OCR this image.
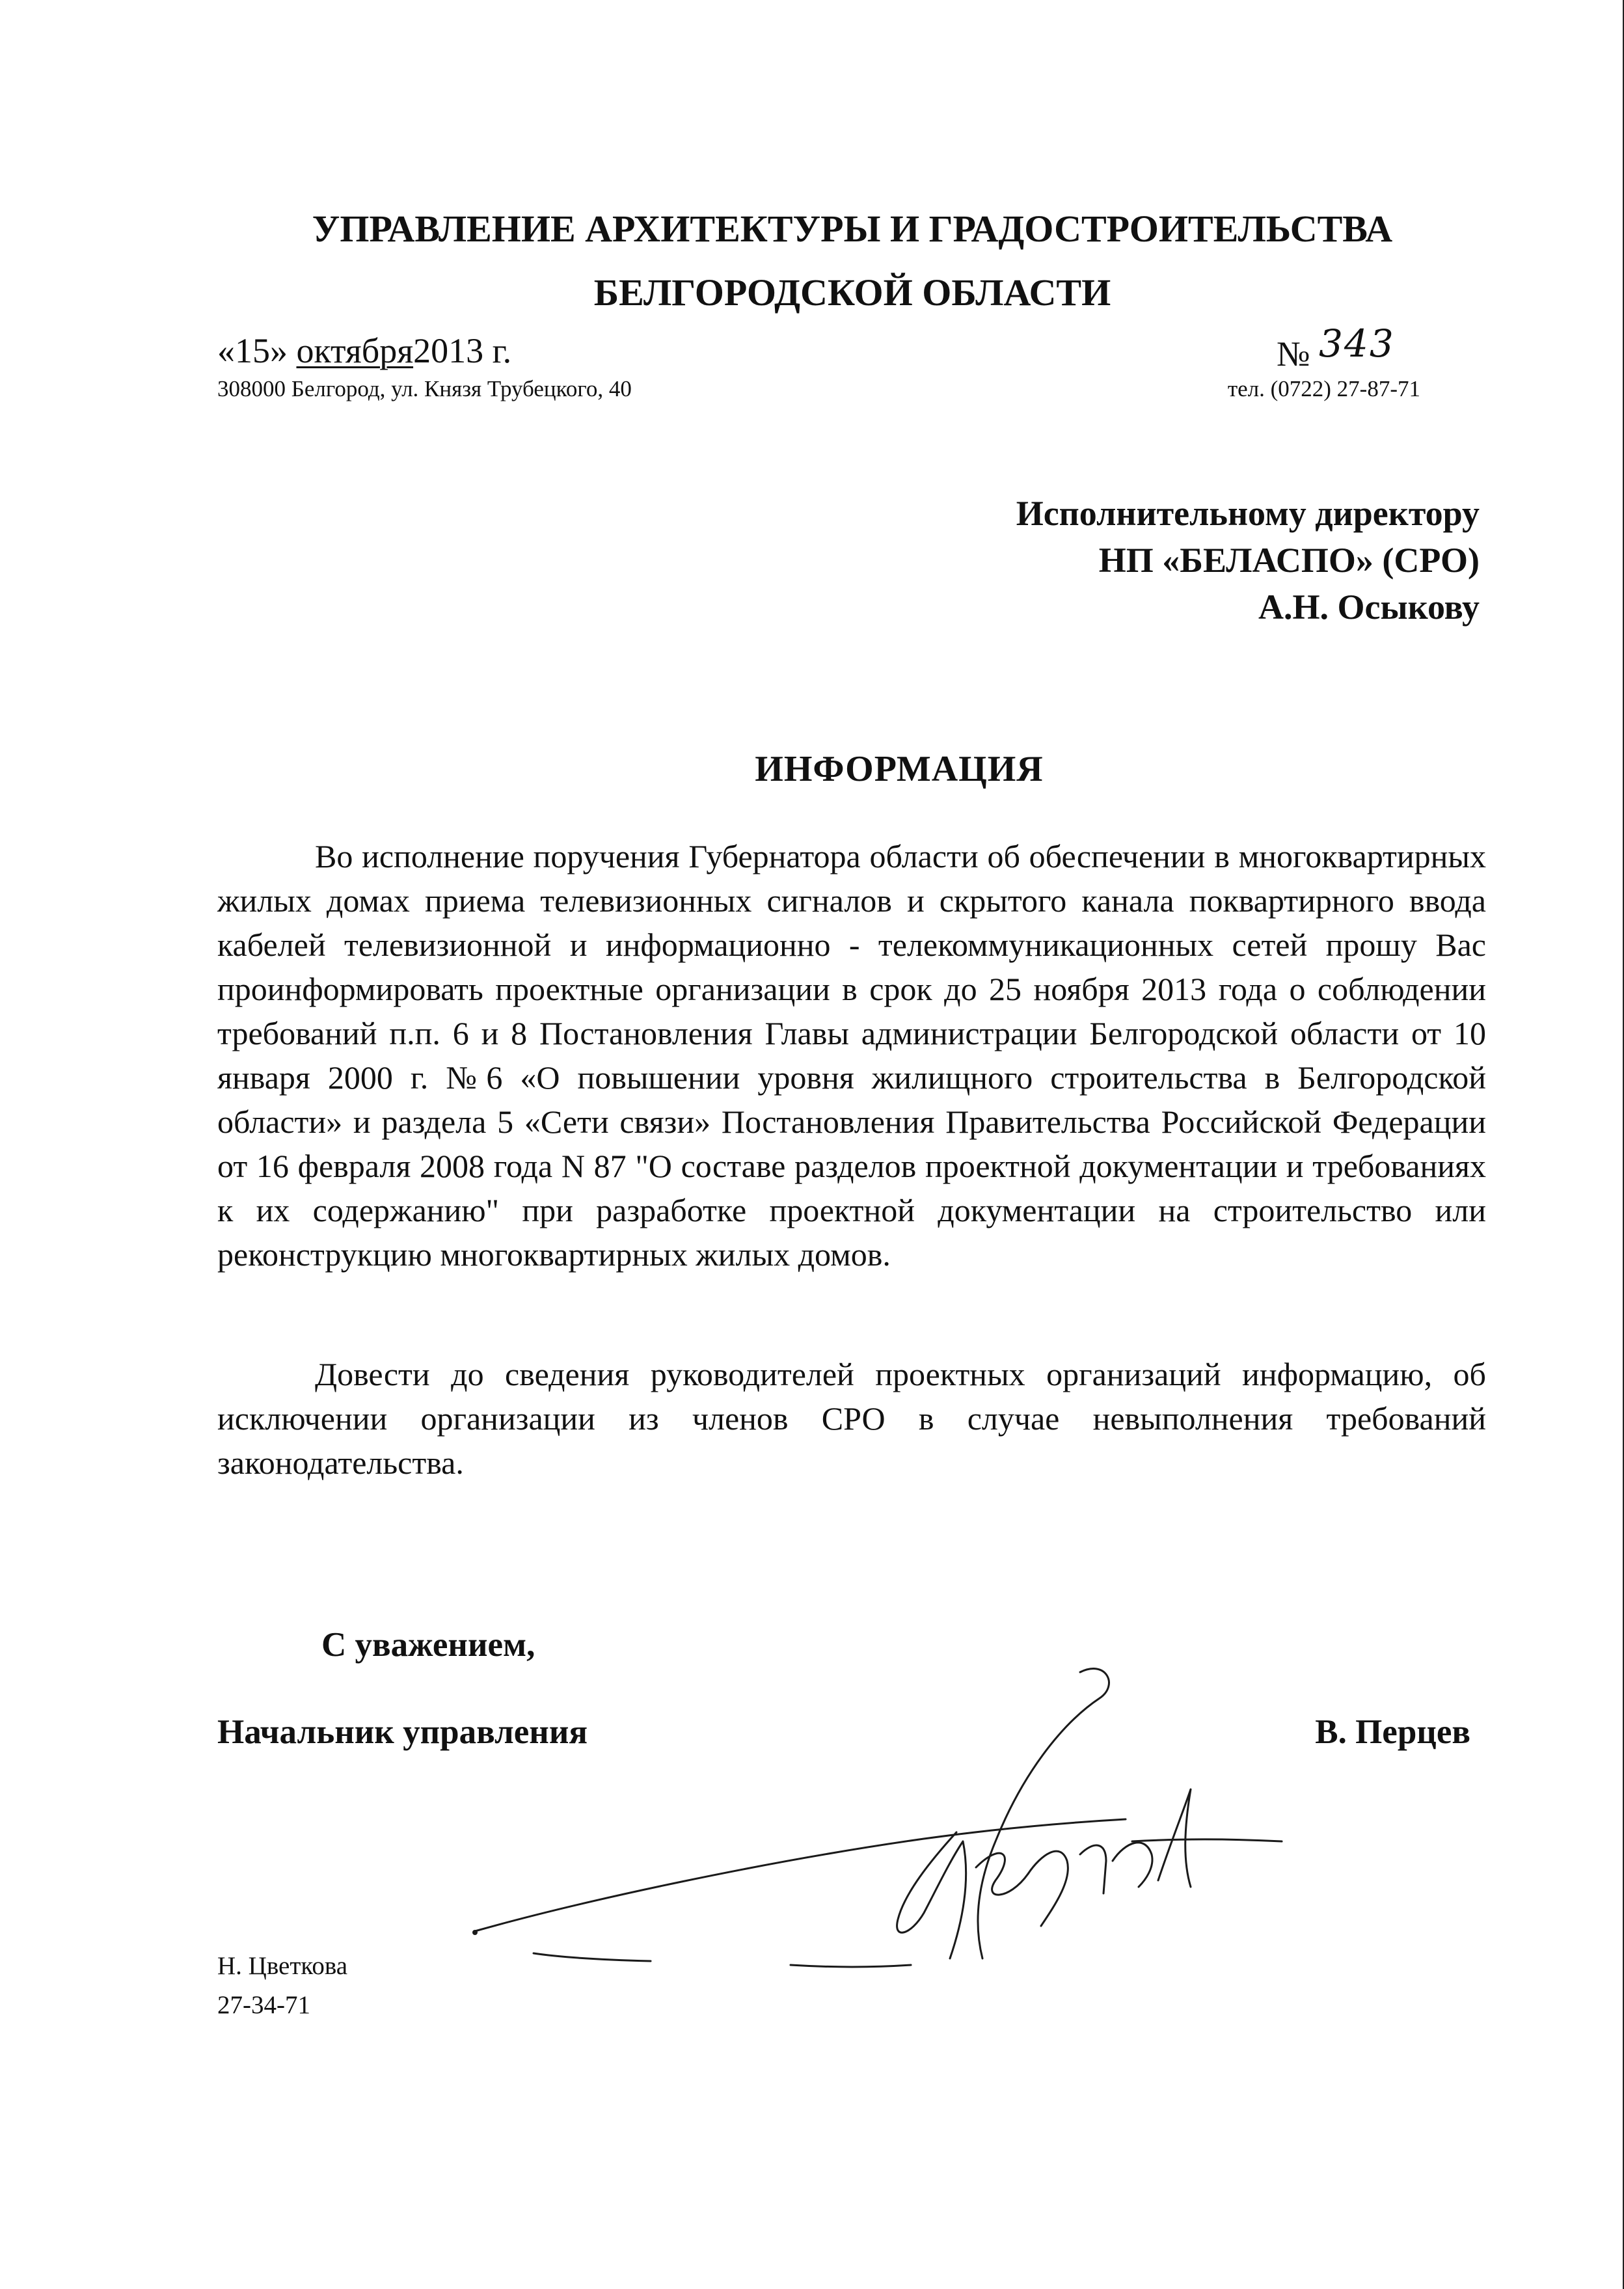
УПРАВЛЕНИЕ АРХИТЕКТУРЫ И ГРАДОСТРОИТЕЛЬСТВА
БЕЛГОРОДСКОЙ ОБЛАСТИ
«15» октября2013 г.	№ 343
308000 Белгород, ул. Князя Трубецкого, 40	тел. (0722) 27-87-71
Исполнительному директору
НП «БЕЛАСПО» (СРО)
А.Н. Осыкову
ИНФОРМАЦИЯ

Во исполнение поручения Губернатора области об обеспечении в многоквартирных жилых домах приема телевизионных сигналов и скрытого канала поквартирного ввода кабелей телевизионной и информационно - телекоммуникационных сетей прошу Вас проинформировать проектные организации в срок до 25 ноября 2013 года о соблюдении требований п.п. 6 и 8 Постановления Главы администрации Белгородской области от 10 января 2000 г. №6 «О повышении уровня жилищного строительства в Белгородской области» и раздела 5 «Сети связи» Постановления Правительства Российской Федерации от 16 февраля 2008 года N 87 "О составе разделов проектной документации и требованиях к их содержанию" при разработке проектной документации на строительство или реконструкцию многоквартирных жилых домов.

Довести до сведения руководителей проектных организаций информацию, об исключении организации из членов СРО в случае невыполнения требований законодательства.

С уважением,
Начальник управления	В. Перцев
Н. Цветкова
27-34-71
